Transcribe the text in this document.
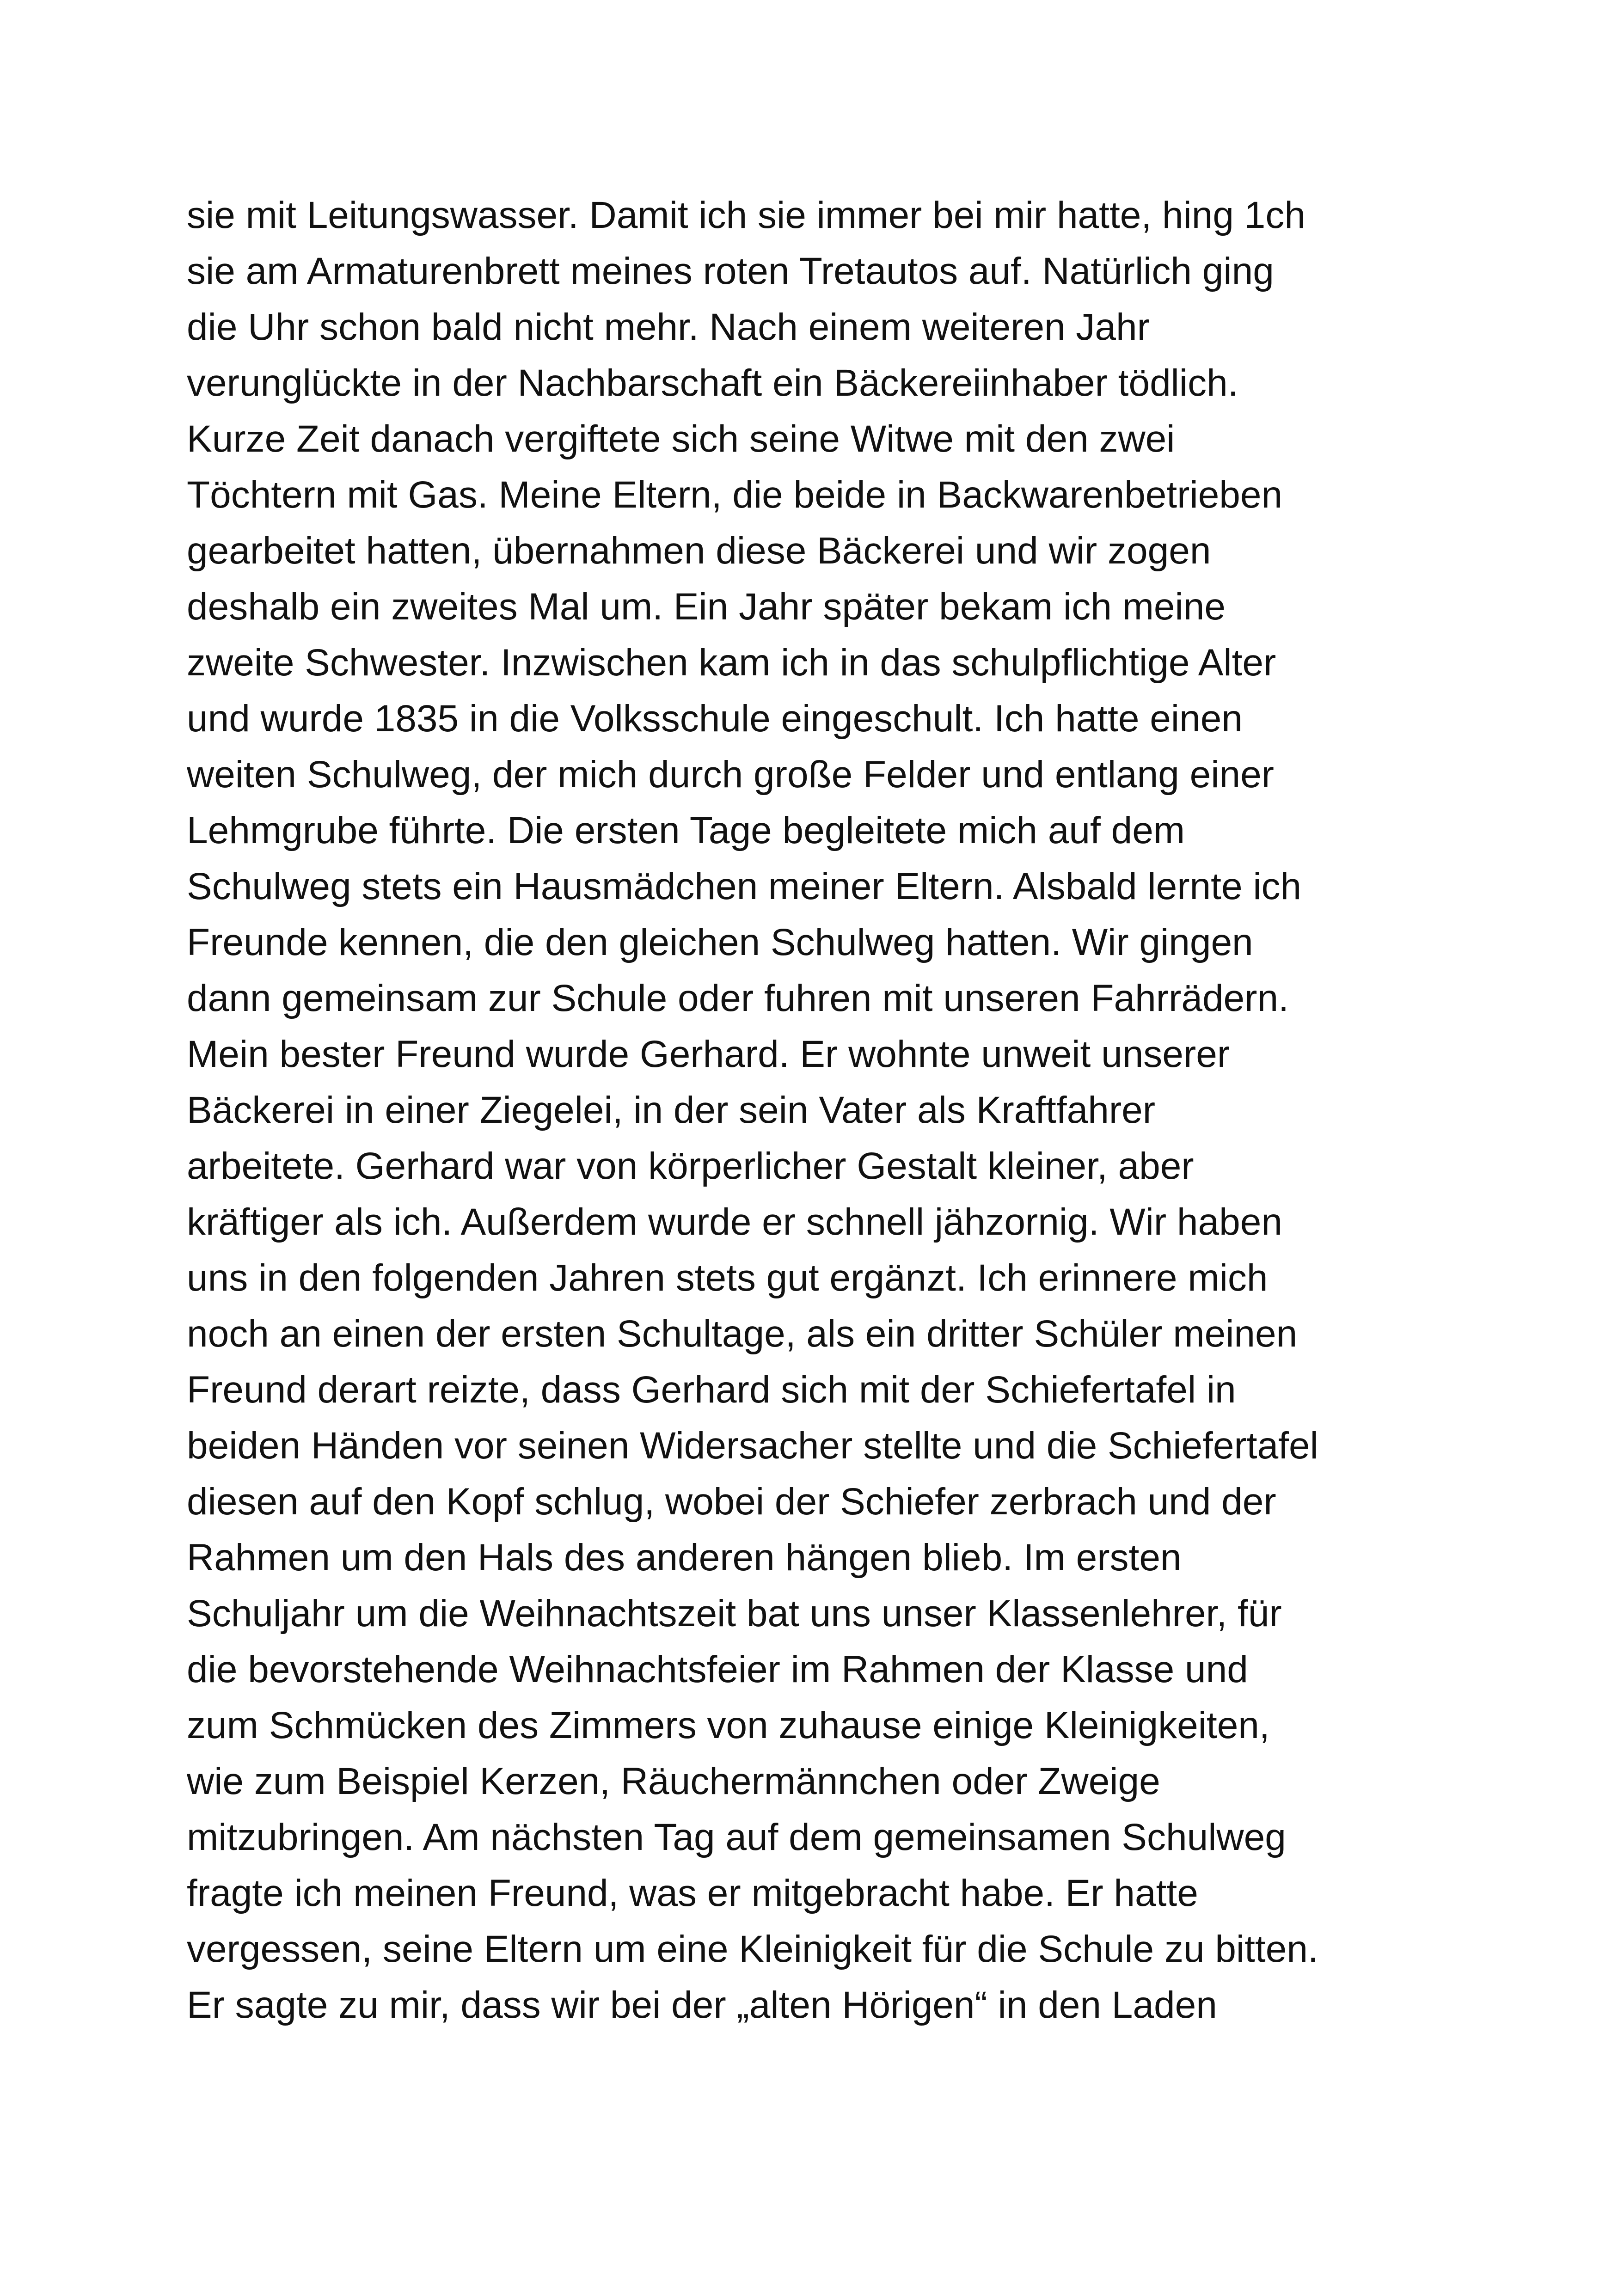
sie mit Leitungswasser. Damit ich sie immer bei mir hatte, hing 1ch
sie am Armaturenbrett meines roten Tretautos auf. Natürlich ging
die Uhr schon bald nicht mehr. Nach einem weiteren Jahr
verunglückte in der Nachbarschaft ein Bäckereiinhaber tödlich.
Kurze Zeit danach vergiftete sich seine Witwe mit den zwei
Töchtern mit Gas. Meine Eltern, die beide in Backwarenbetrieben
gearbeitet hatten, übernahmen diese Bäckerei und wir zogen
deshalb ein zweites Mal um. Ein Jahr später bekam ich meine
zweite Schwester. Inzwischen kam ich in das schulpflichtige Alter
und wurde 1835 in die Volksschule eingeschult. Ich hatte einen
weiten Schulweg, der mich durch große Felder und entlang einer
Lehmgrube führte. Die ersten Tage begleitete mich auf dem
Schulweg stets ein Hausmädchen meiner Eltern. Alsbald lernte ich
Freunde kennen, die den gleichen Schulweg hatten. Wir gingen
dann gemeinsam zur Schule oder fuhren mit unseren Fahrrädern.
Mein bester Freund wurde Gerhard. Er wohnte unweit unserer
Bäckerei in einer Ziegelei, in der sein Vater als Kraftfahrer
arbeitete. Gerhard war von körperlicher Gestalt kleiner, aber
kräftiger als ich. Außerdem wurde er schnell jähzornig. Wir haben
uns in den folgenden Jahren stets gut ergänzt. Ich erinnere mich
noch an einen der ersten Schultage, als ein dritter Schüler meinen
Freund derart reizte, dass Gerhard sich mit der Schiefertafel in
beiden Händen vor seinen Widersacher stellte und die Schiefertafel
diesen auf den Kopf schlug, wobei der Schiefer zerbrach und der
Rahmen um den Hals des anderen hängen blieb. Im ersten
Schuljahr um die Weihnachtszeit bat uns unser Klassenlehrer, für
die bevorstehende Weihnachtsfeier im Rahmen der Klasse und
zum Schmücken des Zimmers von zuhause einige Kleinigkeiten,
wie zum Beispiel Kerzen, Räuchermännchen oder Zweige
mitzubringen. Am nächsten Tag auf dem gemeinsamen Schulweg
fragte ich meinen Freund, was er mitgebracht habe. Er hatte
vergessen, seine Eltern um eine Kleinigkeit für die Schule zu bitten.
Er sagte zu mir, dass wir bei der „alten Hörigen“ in den Laden
